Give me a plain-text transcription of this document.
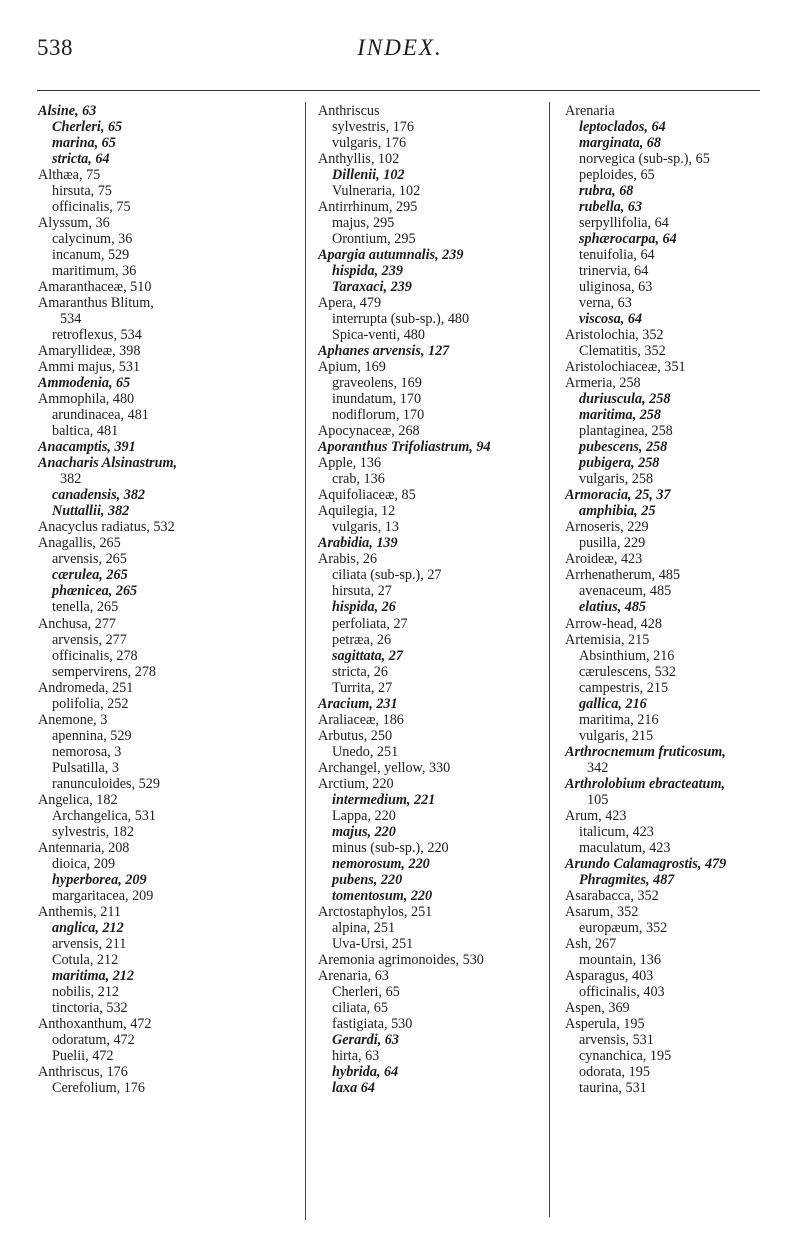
538	INDEX.
Alsine, 63
Cherleri, 65
marina, 65
stricta, 64
Althæa, 75
hirsuta, 75
officinalis, 75
Alyssum, 36
calycinum, 36
incanum, 529
maritimum, 36
Amaranthaceæ, 510
Amaranthus Blitum,
534
retroflexus, 534
Amaryllideæ, 398
Ammi majus, 531
Ammodenia, 65
Ammophila, 480
arundinacea, 481
baltica, 481
Anacamptis, 391
Anacharis Alsinastrum,
382
canadensis, 382
Nuttallii, 382
Anacyclus radiatus, 532
Anagallis, 265
arvensis, 265
cærulea, 265
phœnicea, 265
tenella, 265
Anchusa, 277
arvensis, 277
officinalis, 278
sempervirens, 278
Andromeda, 251
polifolia, 252
Anemone, 3
apennina, 529
nemorosa, 3
Pulsatilla, 3
ranunculoides, 529
Angelica, 182
Archangelica, 531
sylvestris, 182
Antennaria, 208
dioica, 209
hyperborea, 209
margaritacea, 209
Anthemis, 211
anglica, 212
arvensis, 211
Cotula, 212
maritima, 212
nobilis, 212
tinctoria, 532
Anthoxanthum, 472
odoratum, 472
Puelii, 472
Anthriscus, 176
Cerefolium, 176
Anthriscus
sylvestris, 176
vulgaris, 176
Anthyllis, 102
Dillenii, 102
Vulneraria, 102
Antirrhinum, 295
majus, 295
Orontium, 295
Apargia autumnalis, 239
hispida, 239
Taraxaci, 239
Apera, 479
interrupta (sub-sp.), 480
Spica-venti, 480
Aphanes arvensis, 127
Apium, 169
graveolens, 169
inundatum, 170
nodiflorum, 170
Apocynaceæ, 268
Aporanthus Trifoliastrum, 94
Apple, 136
crab, 136
Aquifoliaceæ, 85
Aquilegia, 12
vulgaris, 13
Arabidia, 139
Arabis, 26
ciliata (sub-sp.), 27
hirsuta, 27
hispida, 26
perfoliata, 27
petræa, 26
sagittata, 27
stricta, 26
Turrita, 27
Aracium, 231
Araliaceæ, 186
Arbutus, 250
Unedo, 251
Archangel, yellow, 330
Arctium, 220
intermedium, 221
Lappa, 220
majus, 220
minus (sub-sp.), 220
nemorosum, 220
pubens, 220
tomentosum, 220
Arctostaphylos, 251
alpina, 251
Uva-Ursi, 251
Aremonia agrimonoides, 530
Arenaria, 63
Cherleri, 65
ciliata, 65
fastigiata, 530
Gerardi, 63
hirta, 63
hybrida, 64
laxa 64
Arenaria
leptoclados, 64
marginata, 68
norvegica (sub-sp.), 65
peploides, 65
rubra, 68
rubella, 63
serpyllifolia, 64
sphærocarpa, 64
tenuifolia, 64
trinervia, 64
uliginosa, 63
verna, 63
viscosa, 64
Aristolochia, 352
Clematitis, 352
Aristolochiaceæ, 351
Armeria, 258
duriuscula, 258
maritima, 258
plantaginea, 258
pubescens, 258
pubigera, 258
vulgaris, 258
Armoracia, 25, 37
amphibia, 25
Arnoseris, 229
pusilla, 229
Aroideæ, 423
Arrhenatherum, 485
avenaceum, 485
elatius, 485
Arrow-head, 428
Artemisia, 215
Absinthium, 216
cærulescens, 532
campestris, 215
gallica, 216
maritima, 216
vulgaris, 215
Arthrocnemum fruticosum,
342
Arthrolobium ebracteatum,
105
Arum, 423
italicum, 423
maculatum, 423
Arundo Calamagrostis, 479
Phragmites, 487
Asarabacca, 352
Asarum, 352
europæum, 352
Ash, 267
mountain, 136
Asparagus, 403
officinalis, 403
Aspen, 369
Asperula, 195
arvensis, 531
cynanchica, 195
odorata, 195
taurina, 531
